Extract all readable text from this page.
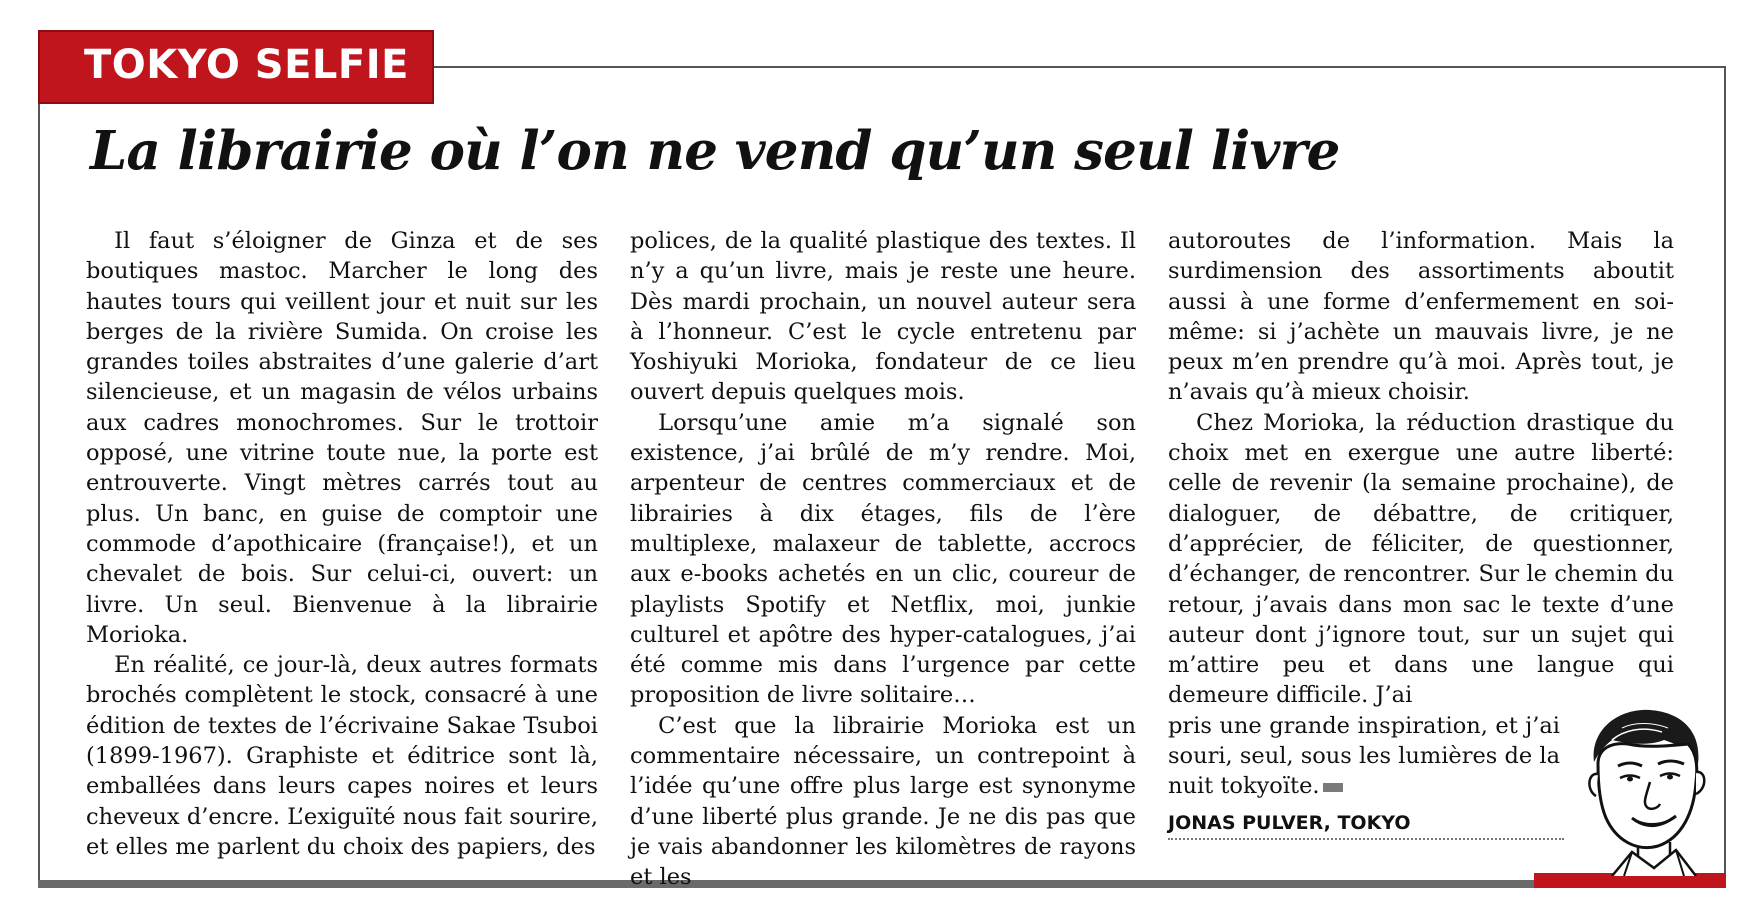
TOKYO SELFIE
La librairie où l’on ne vend qu’un seul livre

Il faut s’éloigner de Ginza et de ses boutiques mastoc. Marcher le long des hautes tours qui veillent jour et nuit sur les berges de la rivière Sumida. On croise les grandes toiles abstraites d’une galerie d’art silencieuse, et un magasin de vélos urbains aux cadres monochromes. Sur le trottoir opposé, une vitrine toute nue, la porte est entrouverte. Vingt mètres carrés tout au plus. Un banc, en guise de comptoir une commode d’apothicaire (française!), et un chevalet de bois. Sur celui-ci, ouvert: un livre. Un seul. Bienvenue à la librairie Morioka.

En réalité, ce jour-là, deux autres formats brochés complètent le stock, consacré à une édition de textes de l’écrivaine Sakae Tsuboi (1899-1967). Graphiste et éditrice sont là, emballées dans leurs capes noires et leurs cheveux d’encre. L’exiguïté nous fait sourire, et elles me parlent du choix des papiers, des

polices, de la qualité plastique des textes. Il n’y a qu’un livre, mais je reste une heure. Dès mardi prochain, un nouvel auteur sera à l’honneur. C’est le cycle entretenu par Yoshiyuki Morioka, fondateur de ce lieu ouvert depuis quelques mois.

Lorsqu’une amie m’a signalé son existence, j’ai brûlé de m’y rendre. Moi, arpenteur de centres commerciaux et de librairies à dix étages, fils de l’ère multiplexe, malaxeur de tablette, accrocs aux e-books achetés en un clic, coureur de playlists Spotify et Netflix, moi, junkie culturel et apôtre des hyper-catalogues, j’ai été comme mis dans l’urgence par cette proposition de livre solitaire…

C’est que la librairie Morioka est un commentaire nécessaire, un contrepoint à l’idée qu’une offre plus large est synonyme d’une liberté plus grande. Je ne dis pas que je vais abandonner les kilomètres de rayons et les

autoroutes de l’information. Mais la surdimension des assortiments aboutit aussi à une forme d’enfermement en soi-même: si j’achète un mauvais livre, je ne peux m’en prendre qu’à moi. Après tout, je n’avais qu’à mieux choisir.

Chez Morioka, la réduction drastique du choix met en exergue une autre liberté: celle de revenir (la semaine prochaine), de dialoguer, de débattre, de critiquer, d’apprécier, de féliciter, de questionner, d’échanger, de rencontrer. Sur le chemin du retour, j’avais dans mon sac le texte d’une auteur dont j’ignore tout, sur un sujet qui m’attire peu et dans une langue qui demeure difficile. J’ai

pris une grande inspiration, et j’ai souri, seul, sous les lumières de la nuit tokyoïte.

JONAS PULVER, TOKYO
